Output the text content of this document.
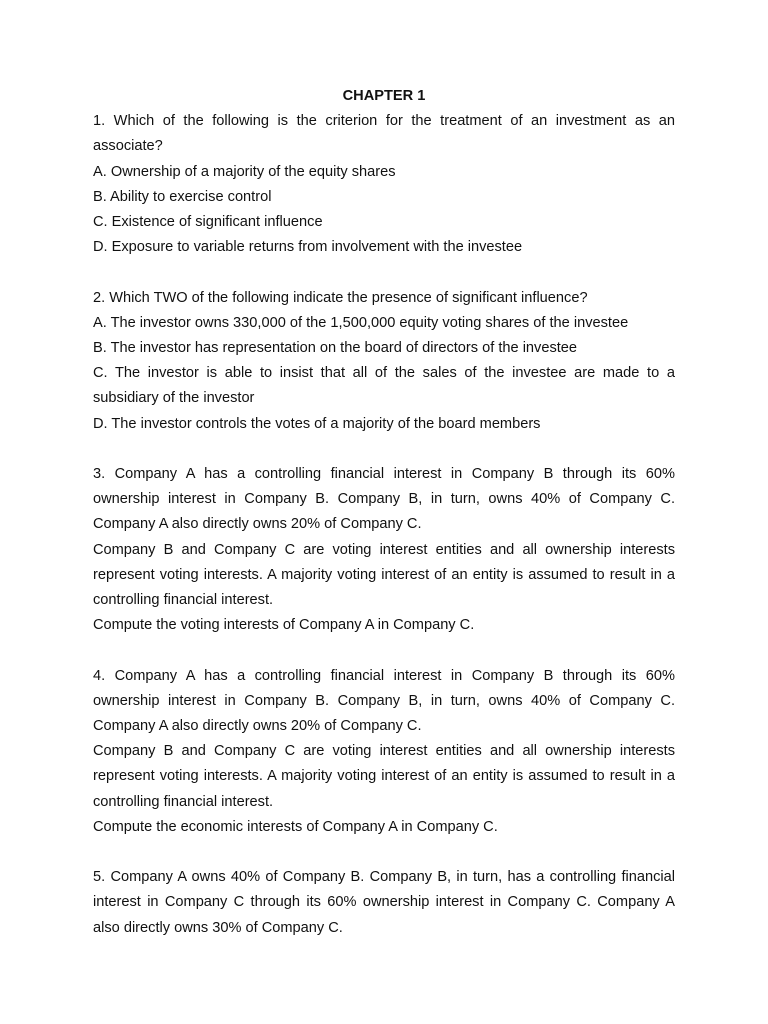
CHAPTER 1

1. Which of the following is the criterion for the treatment of an investment as an associate?

A. Ownership of a majority of the equity shares

B. Ability to exercise control

C. Existence of significant influence

D. Exposure to variable returns from involvement with the investee

2. Which TWO of the following indicate the presence of significant influence?

A. The investor owns 330,000 of the 1,500,000 equity voting shares of the investee

B. The investor has representation on the board of directors of the investee

C. The investor is able to insist that all of the sales of the investee are made to a subsidiary of the investor

D. The investor controls the votes of a majority of the board members

3. Company A has a controlling financial interest in Company B through its 60% ownership interest in Company B. Company B, in turn, owns 40% of Company C. Company A also directly owns 20% of Company C.

Company B and Company C are voting interest entities and all ownership interests represent voting interests. A majority voting interest of an entity is assumed to result in a controlling financial interest.

Compute the voting interests of Company A in Company C.

4. Company A has a controlling financial interest in Company B through its 60% ownership interest in Company B. Company B, in turn, owns 40% of Company C. Company A also directly owns 20% of Company C.

Company B and Company C are voting interest entities and all ownership interests represent voting interests. A majority voting interest of an entity is assumed to result in a controlling financial interest.

Compute the economic interests of Company A in Company C.

5. Company A owns 40% of Company B. Company B, in turn, has a controlling financial interest in Company C through its 60% ownership interest in Company C. Company A also directly owns 30% of Company C.
